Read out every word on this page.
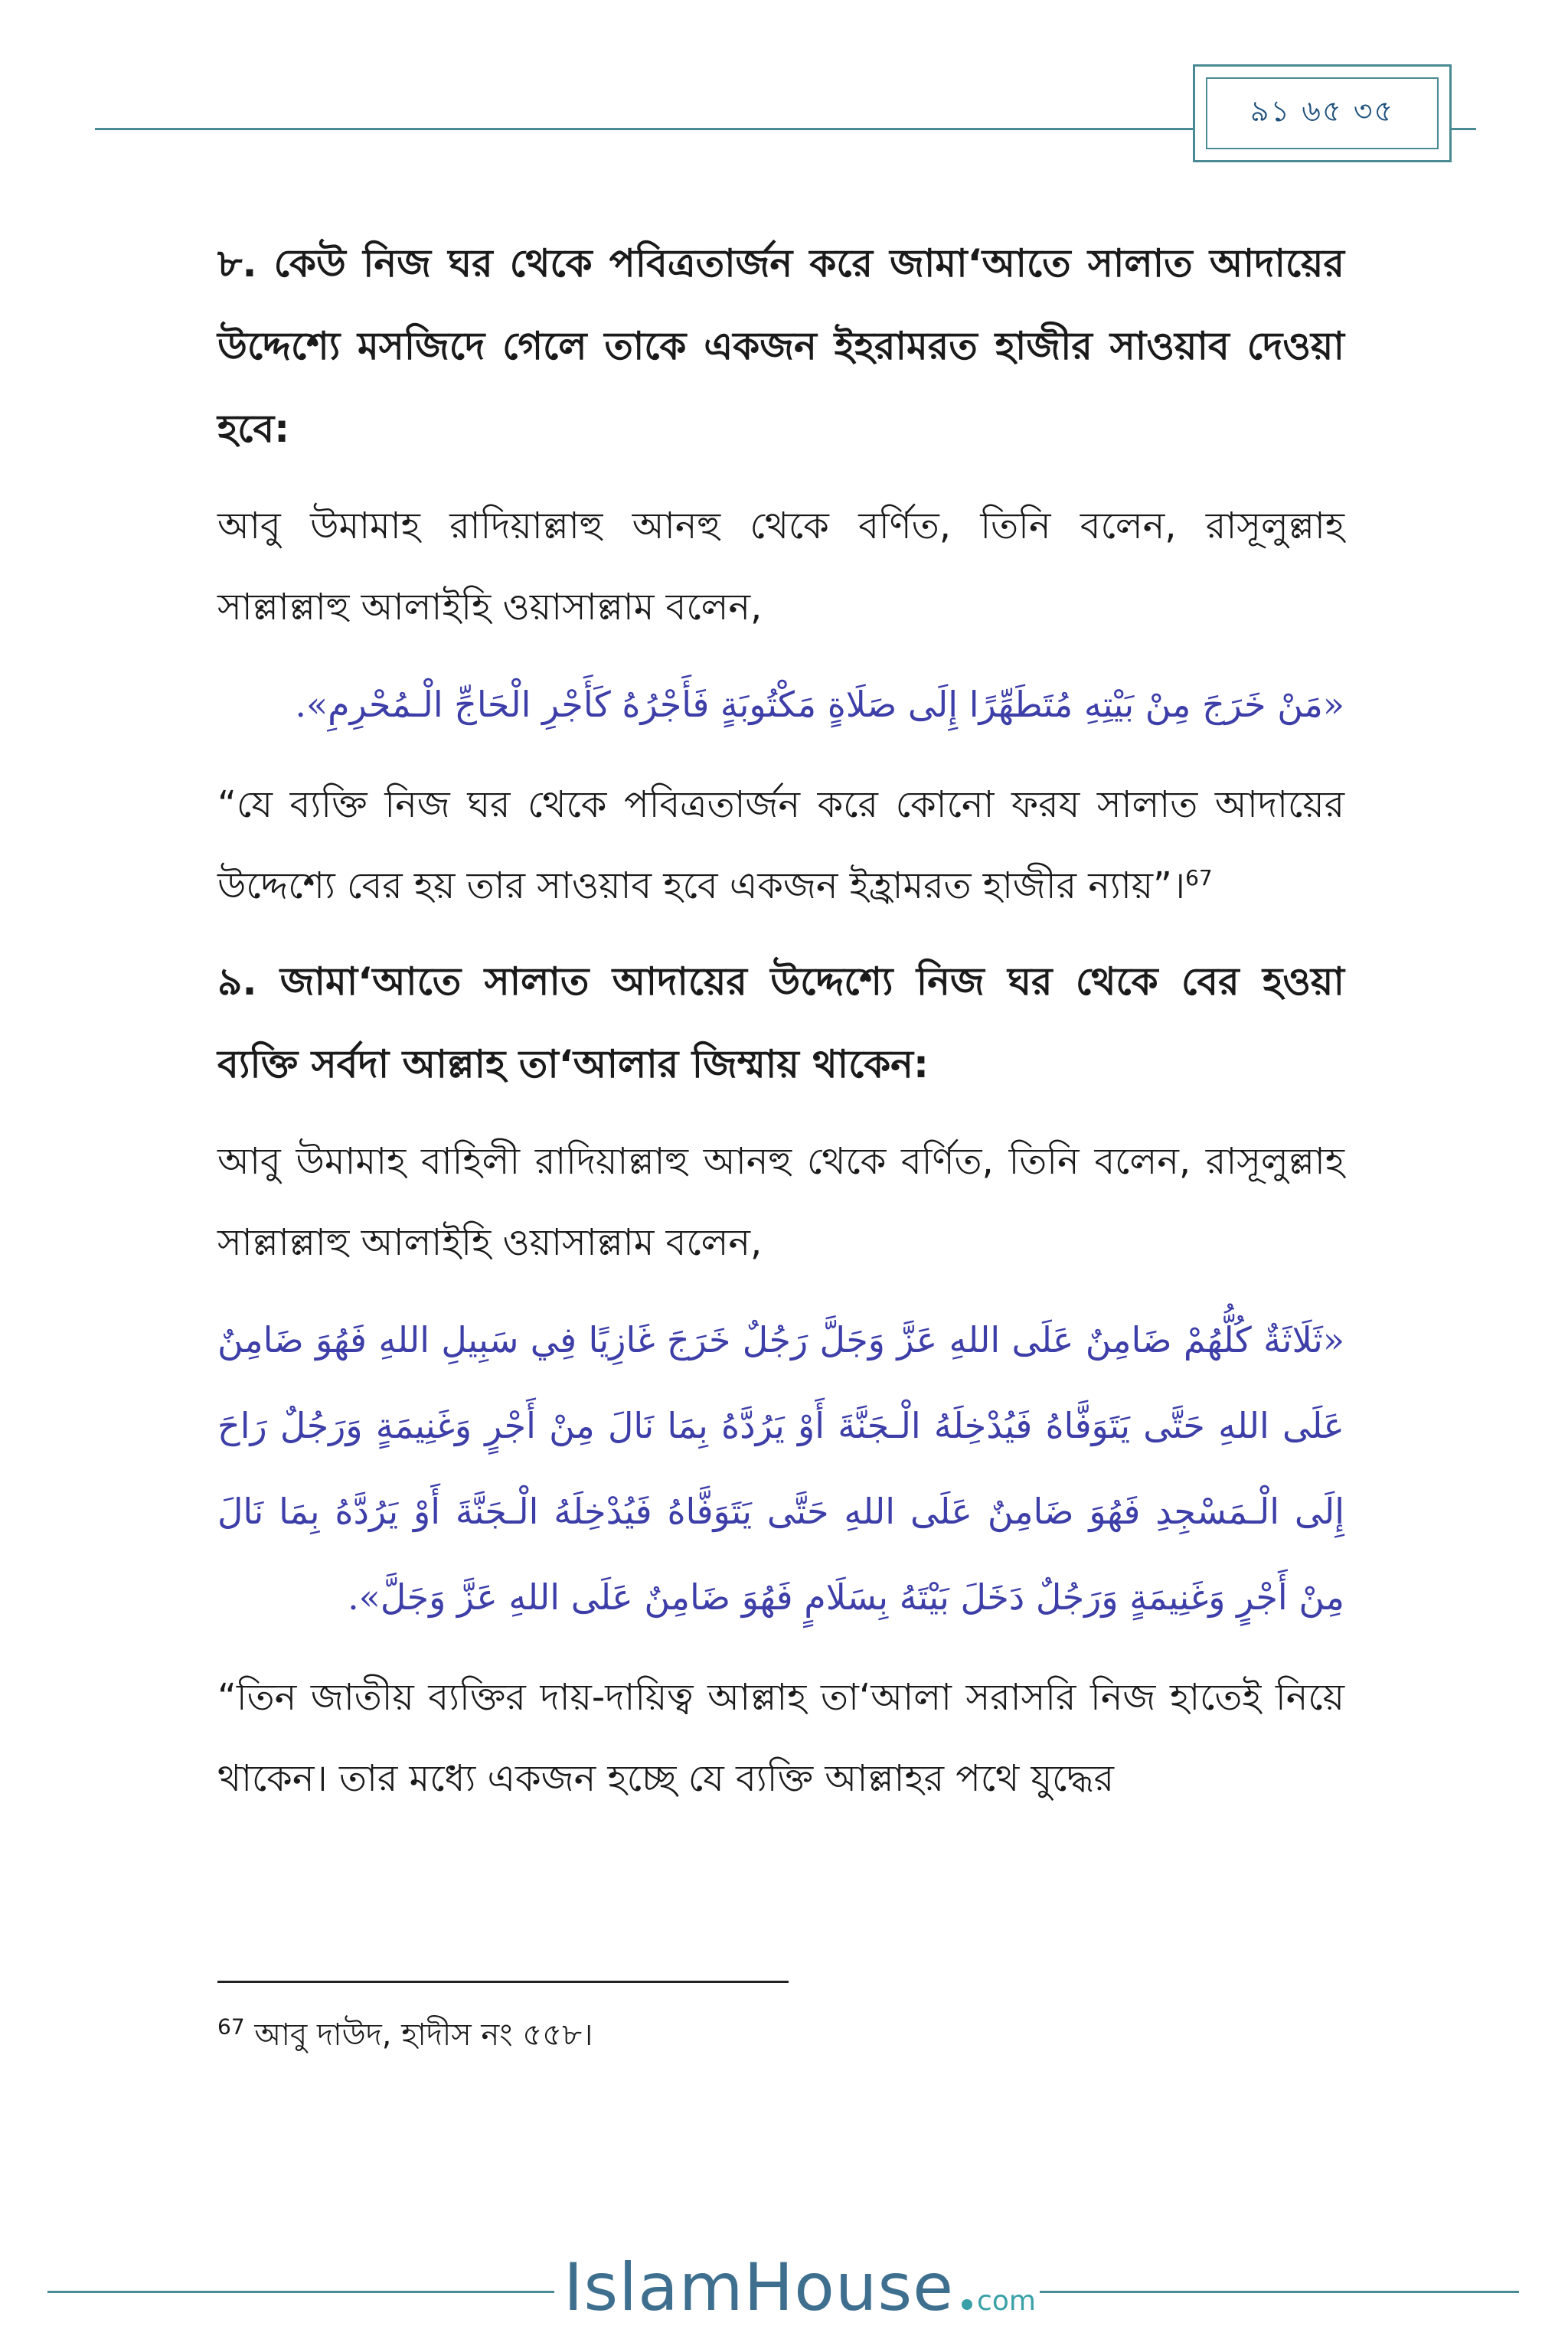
৯১ ৬৫ ৩৫

৮. কেউ নিজ ঘর থেকে পবিত্রতার্জন করে জামা‘আতে সালাত আদায়ের উদ্দেশ্যে মসজিদে গেলে তাকে একজন ইহরামরত হাজীর সাওয়াব দেওয়া হবে:

আবু উমামাহ রাদিয়াল্লাহু আনহু থেকে বর্ণিত, তিনি বলেন, রাসূলুল্লাহ সাল্লাল্লাহু আলাইহি ওয়াসাল্লাম বলেন,

«مَنْ خَرَجَ مِنْ بَيْتِهِ مُتَطَهِّرًا إِلَى صَلَاةٍ مَكْتُوبَةٍ فَأَجْرُهُ كَأَجْرِ الْحَاجِّ الْـمُحْرِمِ».

“যে ব্যক্তি নিজ ঘর থেকে পবিত্রতার্জন করে কোনো ফরয সালাত আদায়ের উদ্দেশ্যে বের হয় তার সাওয়াব হবে একজন ইহ্রামরত হাজীর ন্যায়”।$^{67}$

৯. জামা‘আতে সালাত আদায়ের উদ্দেশ্যে নিজ ঘর থেকে বের হওয়া ব্যক্তি সর্বদা আল্লাহ তা‘আলার জিম্মায় থাকেন:

আবু উমামাহ বাহিলী রাদিয়াল্লাহু আনহু থেকে বর্ণিত, তিনি বলেন, রাসূলুল্লাহ সাল্লাল্লাহু আলাইহি ওয়াসাল্লাম বলেন,

«ثَلَاثَةٌ كُلُّهُمْ ضَامِنٌ عَلَى اللهِ عَزَّ وَجَلَّ رَجُلٌ خَرَجَ غَازِيًا فِي سَبِيلِ اللهِ فَهُوَ ضَامِنٌ عَلَى اللهِ حَتَّى يَتَوَفَّاهُ فَيُدْخِلَهُ الْـجَنَّةَ أَوْ يَرُدَّهُ بِمَا نَالَ مِنْ أَجْرٍ وَغَنِيمَةٍ وَرَجُلٌ رَاحَ إِلَى الْـمَسْجِدِ فَهُوَ ضَامِنٌ عَلَى اللهِ حَتَّى يَتَوَفَّاهُ فَيُدْخِلَهُ الْـجَنَّةَ أَوْ يَرُدَّهُ بِمَا نَالَ مِنْ أَجْرٍ وَغَنِيمَةٍ وَرَجُلٌ دَخَلَ بَيْتَهُ بِسَلَامٍ فَهُوَ ضَامِنٌ عَلَى اللهِ عَزَّ وَجَلَّ».

“তিন জাতীয় ব্যক্তির দায়-দায়িত্ব আল্লাহ তা‘আলা সরাসরি নিজ হাতেই নিয়ে থাকেন। তার মধ্যে একজন হচ্ছে যে ব্যক্তি আল্লাহর পথে যুদ্ধের

$^{67}$ আবু দাউদ, হাদীস নং ৫৫৮।
IslamHouse com
